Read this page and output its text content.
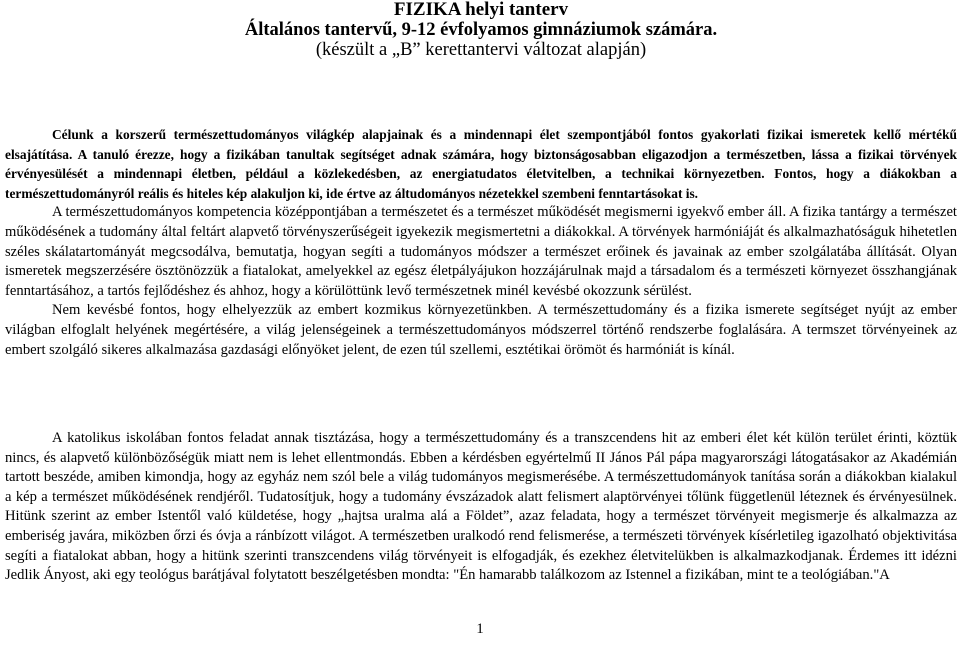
FIZIKA helyi tanterv
Általános tantervű, 9-12 évfolyamos gimnáziumok számára.
(készült a „B” kerettantervi változat alapján)

Célunk a korszerű természettudományos világkép alapjainak és a mindennapi élet szempontjából fontos gyakorlati fizikai ismeretek kellő mértékű elsajátítása. A tanuló érezze, hogy a fizikában tanultak segítséget adnak számára, hogy biztonságosabban eligazodjon a természetben, lássa a fizikai törvények érvényesülését a mindennapi életben, például a közlekedésben, az energiatudatos életvitelben, a technikai környezetben. Fontos, hogy a diákokban a természettudományról reális és hiteles kép alakuljon ki, ide értve az áltudományos nézetekkel szembeni fenntartásokat is.

A természettudományos kompetencia középpontjában a természetet és a természet működését megismerni igyekvő ember áll. A fizika tantárgy a természet működésének a tudomány által feltárt alapvető törvényszerűségeit igyekezik megismertetni a diákokkal. A törvények harmóniáját és alkalmazhatóságuk hihetetlen széles skálatartományát megcsodálva, bemutatja, hogyan segíti a tudományos módszer a természet erőinek és javainak az ember szolgálatába állítását. Olyan ismeretek megszerzésére ösztönözzük a fiatalokat, amelyekkel az egész életpályájukon hozzájárulnak majd a társadalom és a természeti környezet összhangjának fenntartásához, a tartós fejlődéshez és ahhoz, hogy a körülöttünk levő természetnek minél kevésbé okozzunk sérülést.

Nem kevésbé fontos, hogy elhelyezzük az embert kozmikus környezetünkben. A természettudomány és a fizika ismerete segítséget nyújt az ember világban elfoglalt helyének megértésére, a világ jelenségeinek a természettudományos módszerrel történő rendszerbe foglalására. A termszet törvényeinek az embert szolgáló sikeres alkalmazása gazdasági előnyöket jelent, de ezen túl szellemi, esztétikai örömöt és harmóniát is kínál.

A katolikus iskolában fontos feladat annak tisztázása, hogy a természettudomány és a transzcendens hit az emberi élet két külön terület érinti, köztük nincs, és alapvető különbözőségük miatt nem is lehet ellentmondás. Ebben a kérdésben egyértelmű II János Pál pápa magyarországi látogatásakor az Akadémián tartott beszéde, amiben kimondja, hogy az egyház nem szól bele a világ tudományos megismerésébe. A természettudományok tanítása során a diákokban kialakul a kép a természet működésének rendjéről. Tudatosítjuk, hogy a tudomány évszázadok alatt felismert alaptörvényei tőlünk függetlenül léteznek és érvényesülnek. Hitünk szerint az ember Istentől való küldetése, hogy „hajtsa uralma alá a Földet”, azaz feladata, hogy a természet törvényeit megismerje és alkalmazza az emberiség javára, miközben őrzi és óvja a ránbízott világot. A természetben uralkodó rend felismerése, a természeti törvények kísérletileg igazolható objektivitása segíti a fiatalokat abban, hogy a hitünk szerinti transzcendens világ törvényeit is elfogadják, és ezekhez életvitelükben is alkalmazkodjanak. Érdemes itt idézni Jedlik Ányost, aki egy teológus barátjával folytatott beszélgetésben mondta: "Én hamarabb találkozom az Istennel a fizikában, mint te a teológiában."A

1
